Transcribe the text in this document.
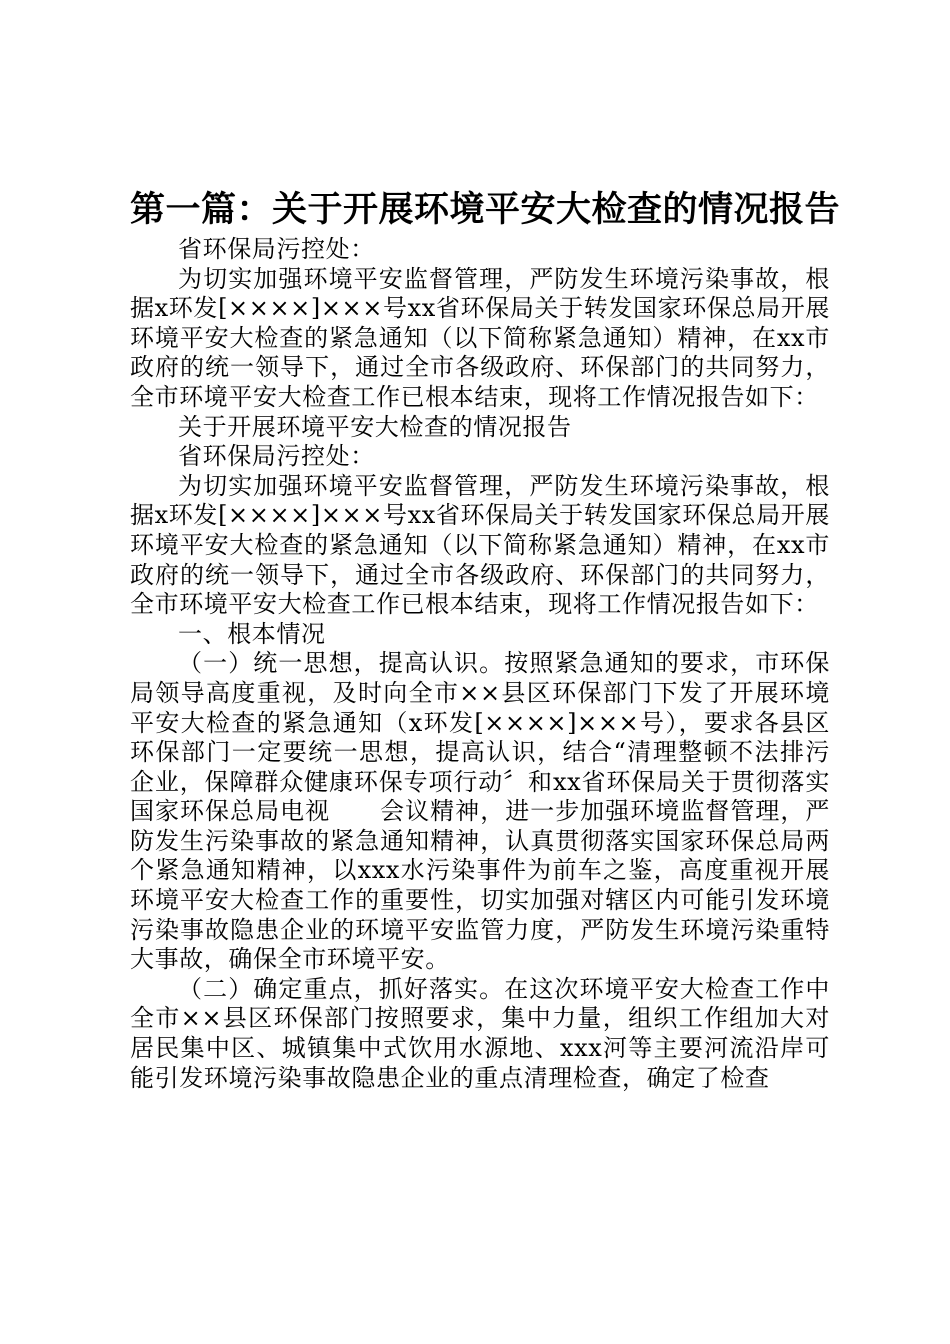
第一篇：关于开展环境平安大检查的情况报告

省环保局污控处：

为切实加强环境平安监督管理，严防发生环境污染事故，根据x环发[××××]×××号xx省环保局关于转发国家环保总局开展环境平安大检查的紧急通知（以下简称紧急通知）精神，在xx市政府的统一领导下，通过全市各级政府、环保部门的共同努力，全市环境平安大检查工作已根本结束，现将工作情况报告如下：

关于开展环境平安大检查的情况报告

省环保局污控处：

为切实加强环境平安监督管理，严防发生环境污染事故，根据x环发[××××]×××号xx省环保局关于转发国家环保总局开展环境平安大检查的紧急通知（以下简称紧急通知）精神，在xx市政府的统一领导下，通过全市各级政府、环保部门的共同努力，全市环境平安大检查工作已根本结束，现将工作情况报告如下：

一、根本情况

（一）统一思想，提高认识。按照紧急通知的要求，市环保局领导高度重视，及时向全市××县区环保部门下发了开展环境平安大检查的紧急通知（x环发[××××]×××号），要求各县区环保部门一定要统一思想，提高认识，结合“清理整顿不法排污企业，保障群众健康环保专项行动〞和xx省环保局关于贯彻落实国家环保总局电视　　会议精神，进一步加强环境监督管理，严防发生污染事故的紧急通知精神，认真贯彻落实国家环保总局两个紧急通知精神，以xxx水污染事件为前车之鉴，高度重视开展环境平安大检查工作的重要性，切实加强对辖区内可能引发环境污染事故隐患企业的环境平安监管力度，严防发生环境污染重特大事故，确保全市环境平安。

（二）确定重点，抓好落实。在这次环境平安大检查工作中全市××县区环保部门按照要求，集中力量，组织工作组加大对居民集中区、城镇集中式饮用水源地、xxx河等主要河流沿岸可能引发环境污染事故隐患企业的重点清理检查，确定了检查
